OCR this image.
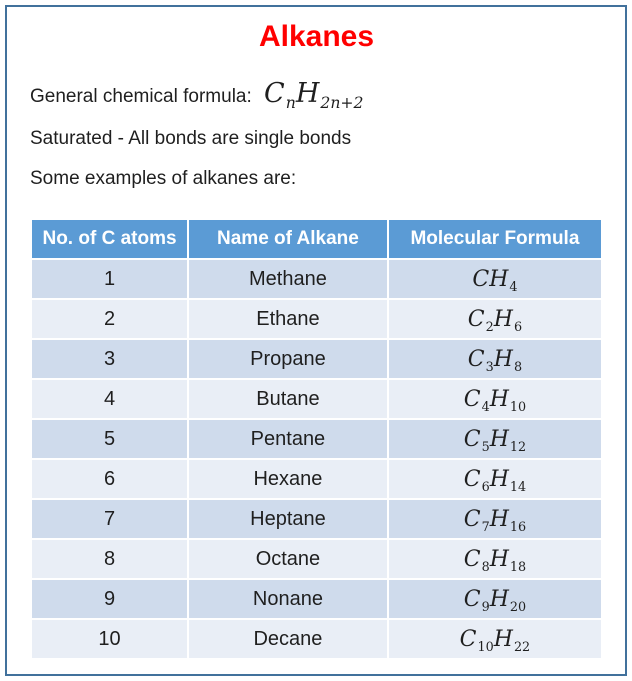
Alkanes

General chemical formula: $C_nH_{2n+2}$

Saturated - All bonds are single bonds

Some examples of alkanes are:

No. of C atoms	Name of Alkane	Molecular Formula
1	Methane	$CH_4$
2	Ethane	$C_2H_6$
3	Propane	$C_3H_8$
4	Butane	$C_4H_{10}$
5	Pentane	$C_5H_{12}$
6	Hexane	$C_6H_{14}$
7	Heptane	$C_7H_{16}$
8	Octane	$C_8H_{18}$
9	Nonane	$C_9H_{20}$
10	Decane	$C_{10}H_{22}$
